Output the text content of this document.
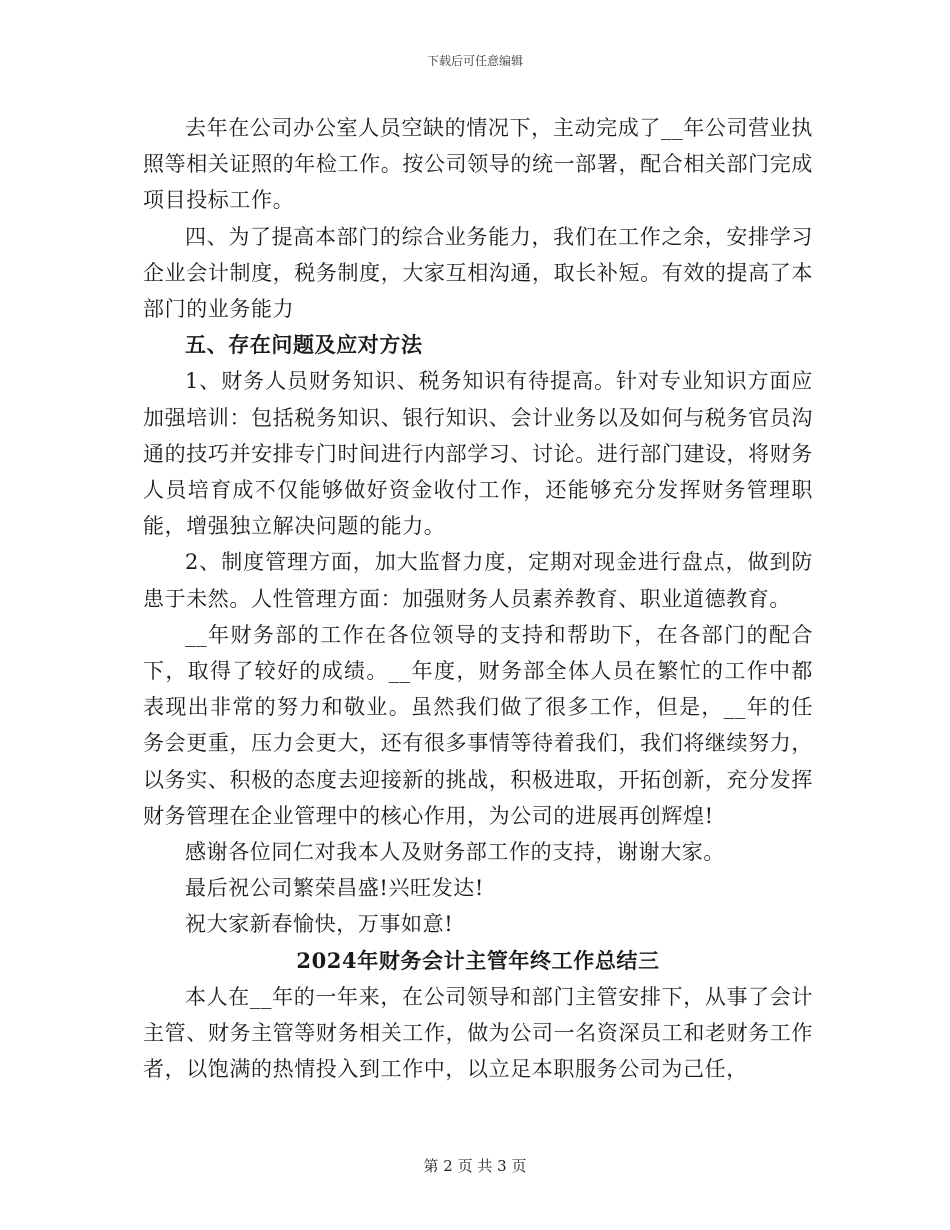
下载后可任意编辑

去年在公司办公室人员空缺的情况下，主动完成了__年公司营业执照等相关证照的年检工作。按公司领导的统一部署，配合相关部门完成项目投标工作。

四、为了提高本部门的综合业务能力，我们在工作之余，安排学习企业会计制度，税务制度，大家互相沟通，取长补短。有效的提高了本部门的业务能力

五、存在问题及应对方法

1、财务人员财务知识、税务知识有待提高。针对专业知识方面应加强培训：包括税务知识、银行知识、会计业务以及如何与税务官员沟通的技巧并安排专门时间进行内部学习、讨论。进行部门建设，将财务人员培育成不仅能够做好资金收付工作，还能够充分发挥财务管理职能，增强独立解决问题的能力。

2、制度管理方面，加大监督力度，定期对现金进行盘点，做到防患于未然。人性管理方面：加强财务人员素养教育、职业道德教育。

__年财务部的工作在各位领导的支持和帮助下，在各部门的配合下，取得了较好的成绩。__年度，财务部全体人员在繁忙的工作中都表现出非常的努力和敬业。虽然我们做了很多工作，但是，__年的任务会更重，压力会更大，还有很多事情等待着我们，我们将继续努力，以务实、积极的态度去迎接新的挑战，积极进取，开拓创新，充分发挥财务管理在企业管理中的核心作用，为公司的进展再创辉煌!

感谢各位同仁对我本人及财务部工作的支持，谢谢大家。

最后祝公司繁荣昌盛!兴旺发达!

祝大家新春愉快，万事如意!

2024年财务会计主管年终工作总结三

本人在__年的一年来，在公司领导和部门主管安排下，从事了会计主管、财务主管等财务相关工作，做为公司一名资深员工和老财务工作者，以饱满的热情投入到工作中，以立足本职服务公司为己任，

第 2 页 共 3 页
